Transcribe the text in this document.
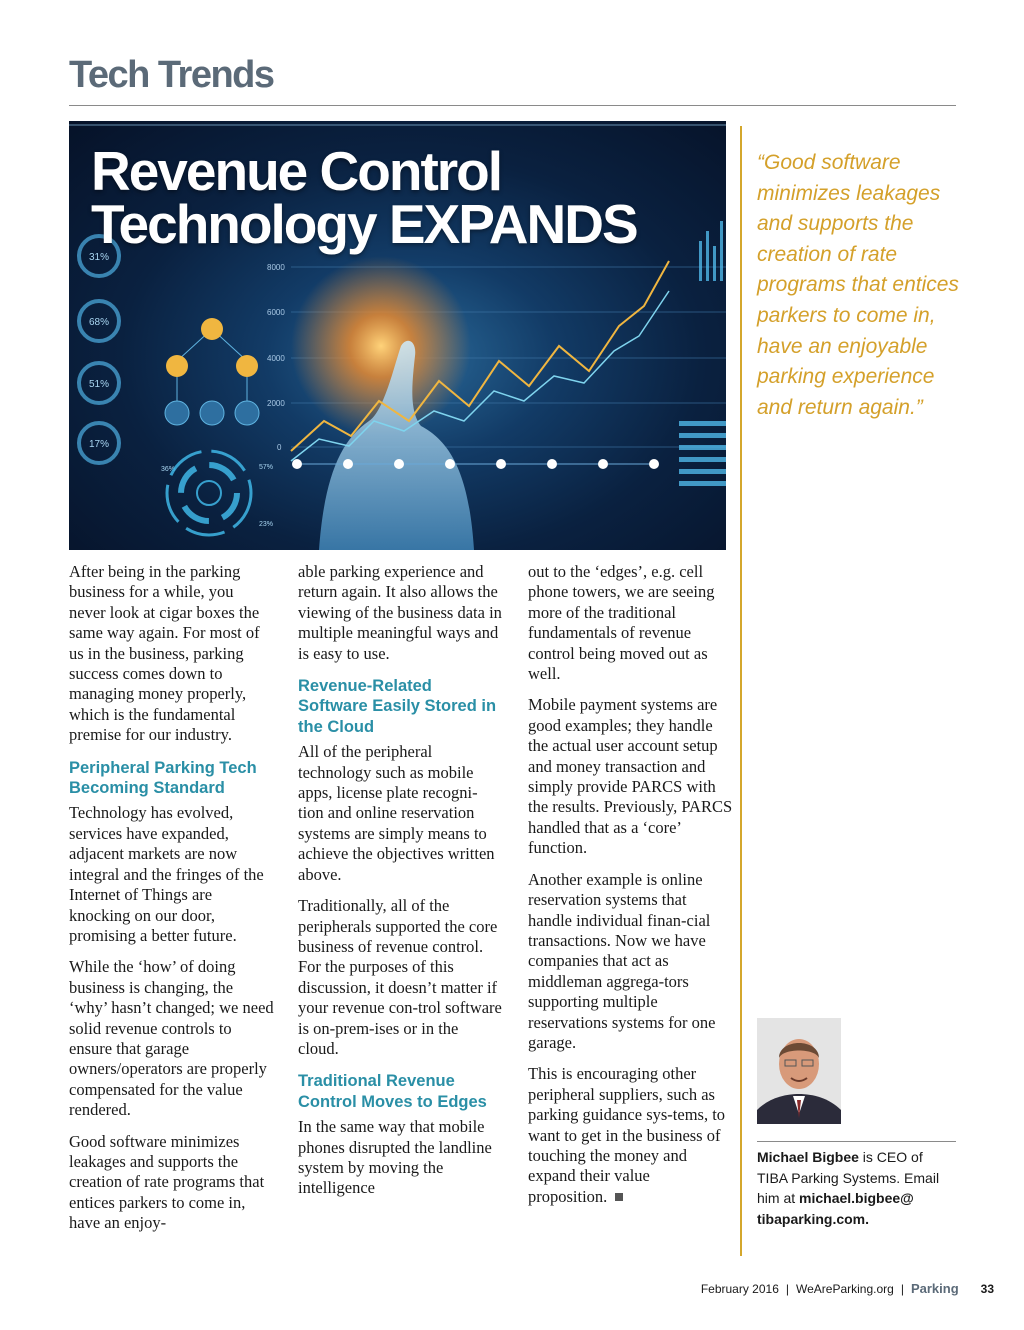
Tech Trends
8000
6000
4000
2000
0
31%
68%
51%
17%
36%	57%
23%
Revenue Control
Technology EXPANDS
“Good software minimizes leakages and supports the creation of rate programs that entices parkers to come in, have an enjoyable parking experience and return again.”

After being in the parking business for a while, you never look at cigar boxes the same way again. For most of us in the business, parking success comes down to managing money properly, which is the fundamental premise for our industry.

Peripheral Parking Tech Becoming Standard

Technology has evolved, services have expanded, adjacent markets are now integral and the fringes of the Internet of Things are knocking on our door, promising a better future.

While the ‘how’ of doing business is changing, the ‘why’ hasn’t changed; we need solid revenue controls to ensure that garage owners/operators are properly compensated for the value rendered.

Good software minimizes leakages and supports the creation of rate programs that entices parkers to come in, have an enjoy-

able parking experience and return again. It also allows the viewing of the business data in multiple meaningful ways and is easy to use.

Revenue-Related Software Easily Stored in the Cloud

All of the peripheral technology such as mobile apps, license plate recogni-tion and online reservation systems are simply means to achieve the objectives written above.

Traditionally, all of the peripherals supported the core business of revenue control. For the purposes of this discussion, it doesn’t matter if your revenue con-trol software is on-prem-ises or in the cloud.

Traditional Revenue Control Moves to Edges

In the same way that mobile phones disrupted the landline system by moving the intelligence

out to the ‘edges’, e.g. cell phone towers, we are seeing more of the traditional fundamentals of revenue control being moved out as well.

Mobile payment systems are good examples; they handle the actual user account setup and money transaction and simply provide PARCS with the results. Previously, PARCS handled that as a ‘core’ function.

Another example is online reservation systems that handle individual finan-cial transactions. Now we have companies that act as middleman aggrega-tors supporting multiple reservations systems for one garage.

This is encouraging other peripheral suppliers, such as parking guidance sys-tems, to want to get in the business of touching the money and expand their value proposition.

Michael Bigbee is CEO of TIBA Parking Systems. Email him at michael.bigbee@ tibaparking.com.
February 2016 | WeAreParking.org | Parking 33
